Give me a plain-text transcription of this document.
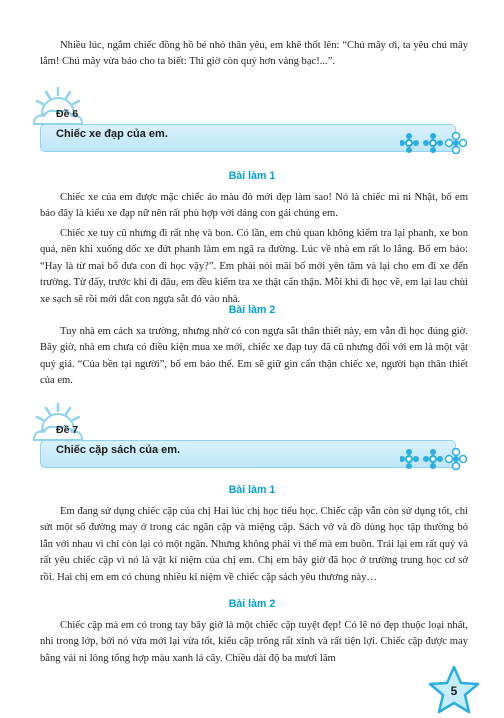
Nhiều lúc, ngắm chiếc đồng hồ bé nhỏ thân yêu, em khẽ thốt lên: “Chú mây ơi, ta yêu chú mây lắm! Chú mây vừa báo cho ta biết: Thì giờ còn quý hơn vàng bạc!...”.

Đề 6
Chiếc xe đạp của em.
Bài làm 1

Chiếc xe của em được mặc chiếc áo màu đỏ mới đẹp làm sao! Nó là chiếc mi ni Nhật, bố em bảo đây là kiểu xe đạp nữ nên rất phù hợp với dáng con gái chúng em.

Chiếc xe tuy cũ nhưng đi rất nhẹ và bon. Có lần, em chủ quan không kiểm tra lại phanh, xe bon quá, nên khi xuống dốc xe đứt phanh làm em ngã ra đường. Lúc về nhà em rất lo lắng. Bố em bảo: “Hay là từ mai bố đưa con đi học vậy?”. Em phải nói mãi bố mới yên tâm và lại cho em đi xe đến trường. Từ đấy, trước khi đi đâu, em đều kiểm tra xe thật cẩn thận. Mỗi khi đi học về, em lại lau chùi xe sạch sẽ rồi mới dắt con ngựa sắt đó vào nhà.

Bài làm 2

Tuy nhà em cách xa trường, nhưng nhờ có con ngựa sắt thân thiết này, em vẫn đi học đúng giờ. Bây giờ, nhà em chưa có điều kiện mua xe mới, chiếc xe đạp tuy đã cũ nhưng đối với em là một vật quý giá. “Của bền tại người”, bố em bảo thế. Em sẽ giữ gìn cẩn thận chiếc xe, người bạn thân thiết của em.

Đề 7
Chiếc cặp sách của em.
Bài làm 1

Em đang sử dụng chiếc cặp của chị Hai lúc chị học tiểu học. Chiếc cặp vẫn còn sử dụng tốt, chỉ sứt một số đường may ở trong các ngăn cặp và miệng cặp. Sách vở và đồ dùng học tập thường bỏ lẫn với nhau vì chỉ còn lại có một ngăn. Nhưng không phải vì thế mà em buồn. Trái lại em rất quý và rất yêu chiếc cặp vì nó là vật kỉ niệm của chị em. Chị em bây giờ đã học ở trường trung học cơ sở rồi. Hai chị em em có chung nhiều kỉ niệm về chiếc cặp sách yêu thương này…

Bài làm 2

Chiếc cặp mà em có trong tay bây giờ là một chiếc cặp tuyệt đẹp! Có lẽ nó đẹp thuộc loại nhất, nhì trong lớp, bởi nó vừa mới lại vừa tốt, kiểu cặp trông rất xinh và rất tiện lợi. Chiếc cặp được may bằng vải ni lông tổng hợp màu xanh lá cây. Chiều dài độ ba mươi lăm

5
